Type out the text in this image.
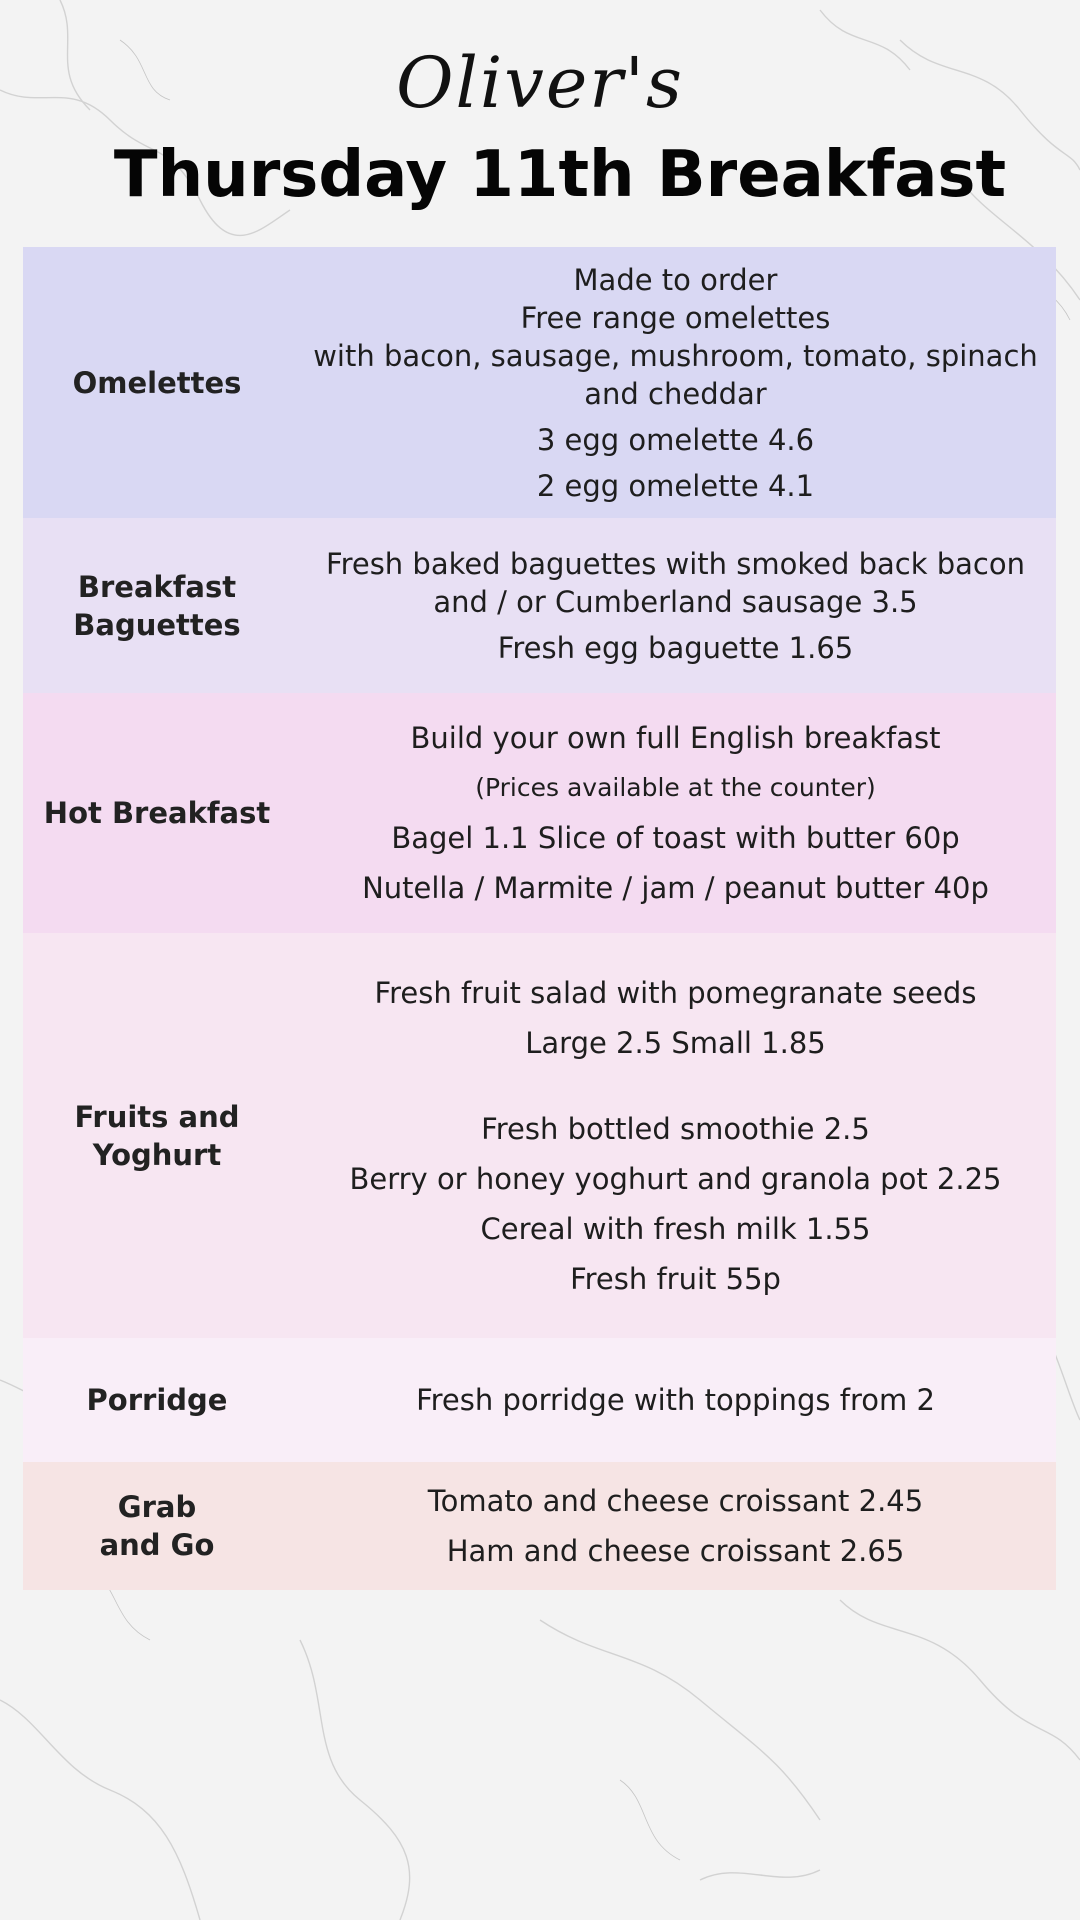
Oliver's
Thursday 11th Breakfast
Omelettes
Made to order
Free range omelettes
with bacon, sausage, mushroom, tomato, spinach
and cheddar
3 egg omelette 4.6
2 egg omelette 4.1
Breakfast
Baguettes
Fresh baked baguettes with smoked back bacon
and / or Cumberland sausage 3.5
Fresh egg baguette 1.65
Hot Breakfast
Build your own full English breakfast
(Prices available at the counter)
Bagel 1.1 Slice of toast with butter 60p
Nutella / Marmite / jam / peanut butter 40p
Fruits and
Yoghurt
Fresh fruit salad with pomegranate seeds
Large 2.5 Small 1.85
Fresh bottled smoothie 2.5
Berry or honey yoghurt and granola pot 2.25
Cereal with fresh milk 1.55
Fresh fruit 55p
Porridge	Fresh porridge with toppings from 2
Grab
and Go
Tomato and cheese croissant 2.45
Ham and cheese croissant 2.65
